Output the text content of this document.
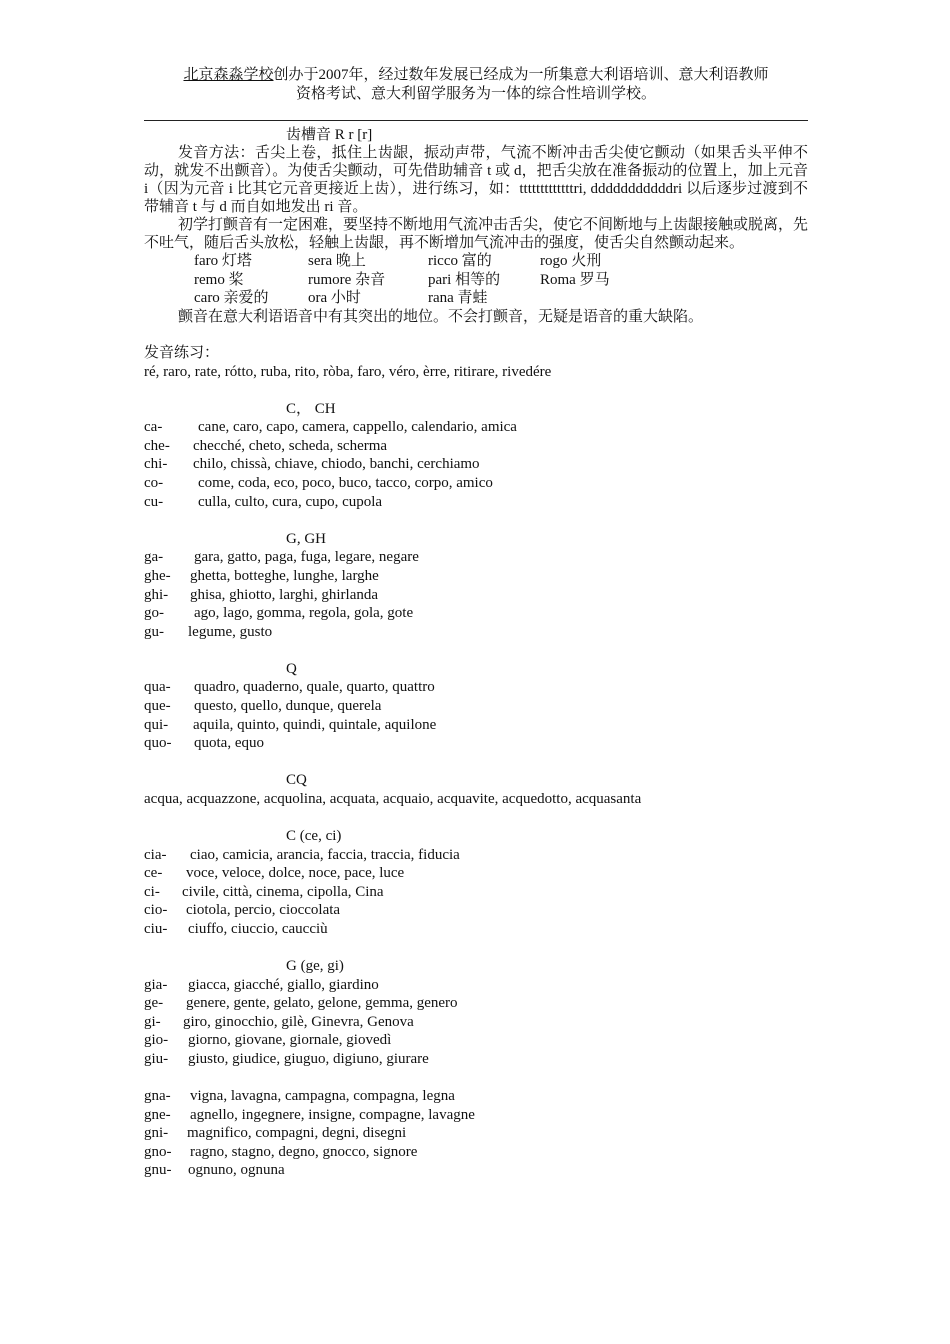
北京森淼学校创办于2007年，经过数年发展已经成为一所集意大利语培训、意大利语教师
资格考试、意大利留学服务为一体的综合性培训学校。
齿槽音 R r [r]

发音方法：舌尖上卷，抵住上齿龈，振动声带，气流不断冲击舌尖使它颤动（如果舌头平伸不动，就发不出颤音）。为使舌尖颤动，可先借助辅音 t 或 d，把舌尖放在准备振动的位置上，加上元音 i（因为元音 i 比其它元音更接近上齿），进行练习，如：tttttttttttttri, dddddddddddri 以后逐步过渡到不带辅音 t 与 d 而自如地发出 ri 音。

初学打颤音有一定困难，要坚持不断地用气流冲击舌尖，使它不间断地与上齿龈接触或脱离，先不吐气，随后舌头放松，轻触上齿龈，再不断增加气流冲击的强度，使舌尖自然颤动起来。

faro 灯塔	sera 晚上	ricco 富的	rogo 火刑
remo 桨	rumore 杂音	pari 相等的	Roma 罗马
caro 亲爱的	ora 小时	rana 青蛙

颤音在意大利语语音中有其突出的地位。不会打颤音，无疑是语音的重大缺陷。

发音练习：
ré, raro, rate, rótto, ruba, rito, ròba, faro, véro, èrre, ritirare, rivedére
C， CH
ca- cane, caro, capo, camera, cappello, calendario, amica
che- checché, cheto, scheda, scherma
chi- chilo, chissà, chiave, chiodo, banchi, cerchiamo
co- come, coda, eco, poco, buco, tacco, corpo, amico
cu- culla, culto, cura, cupo, cupola
G, GH
ga- gara, gatto, paga, fuga, legare, negare
ghe- ghetta, botteghe, lunghe, larghe
ghi- ghisa, ghiotto, larghi, ghirlanda
go- ago, lago, gomma, regola, gola, gote
gu- legume, gusto
Q
qua- quadro, quaderno, quale, quarto, quattro
que- questo, quello, dunque, querela
qui- aquila, quinto, quindi, quintale, aquilone
quo- quota, equo
CQ
acqua, acquazzone, acquolina, acquata, acquaio, acquavite, acquedotto, acquasanta
C (ce, ci)
cia- ciao, camicia, arancia, faccia, traccia, fiducia
ce- voce, veloce, dolce, noce, pace, luce
ci- civile, città, cinema, cipolla, Cina
cio- ciotola, percio, cioccolata
ciu- ciuffo, ciuccio, caucciù
G (ge, gi)
gia- giacca, giacché, giallo, giardino
ge- genere, gente, gelato, gelone, gemma, genero
gi- giro, ginocchio, gilè, Ginevra, Genova
gio- giorno, giovane, giornale, giovedì
giu- giusto, giudice, giuguo, digiuno, giurare
gna- vigna, lavagna, campagna, compagna, legna
gne- agnello, ingegnere, insigne, compagne, lavagne
gni- magnifico, compagni, degni, disegni
gno- ragno, stagno, degno, gnocco, signore
gnu- ognuno, ognuna
